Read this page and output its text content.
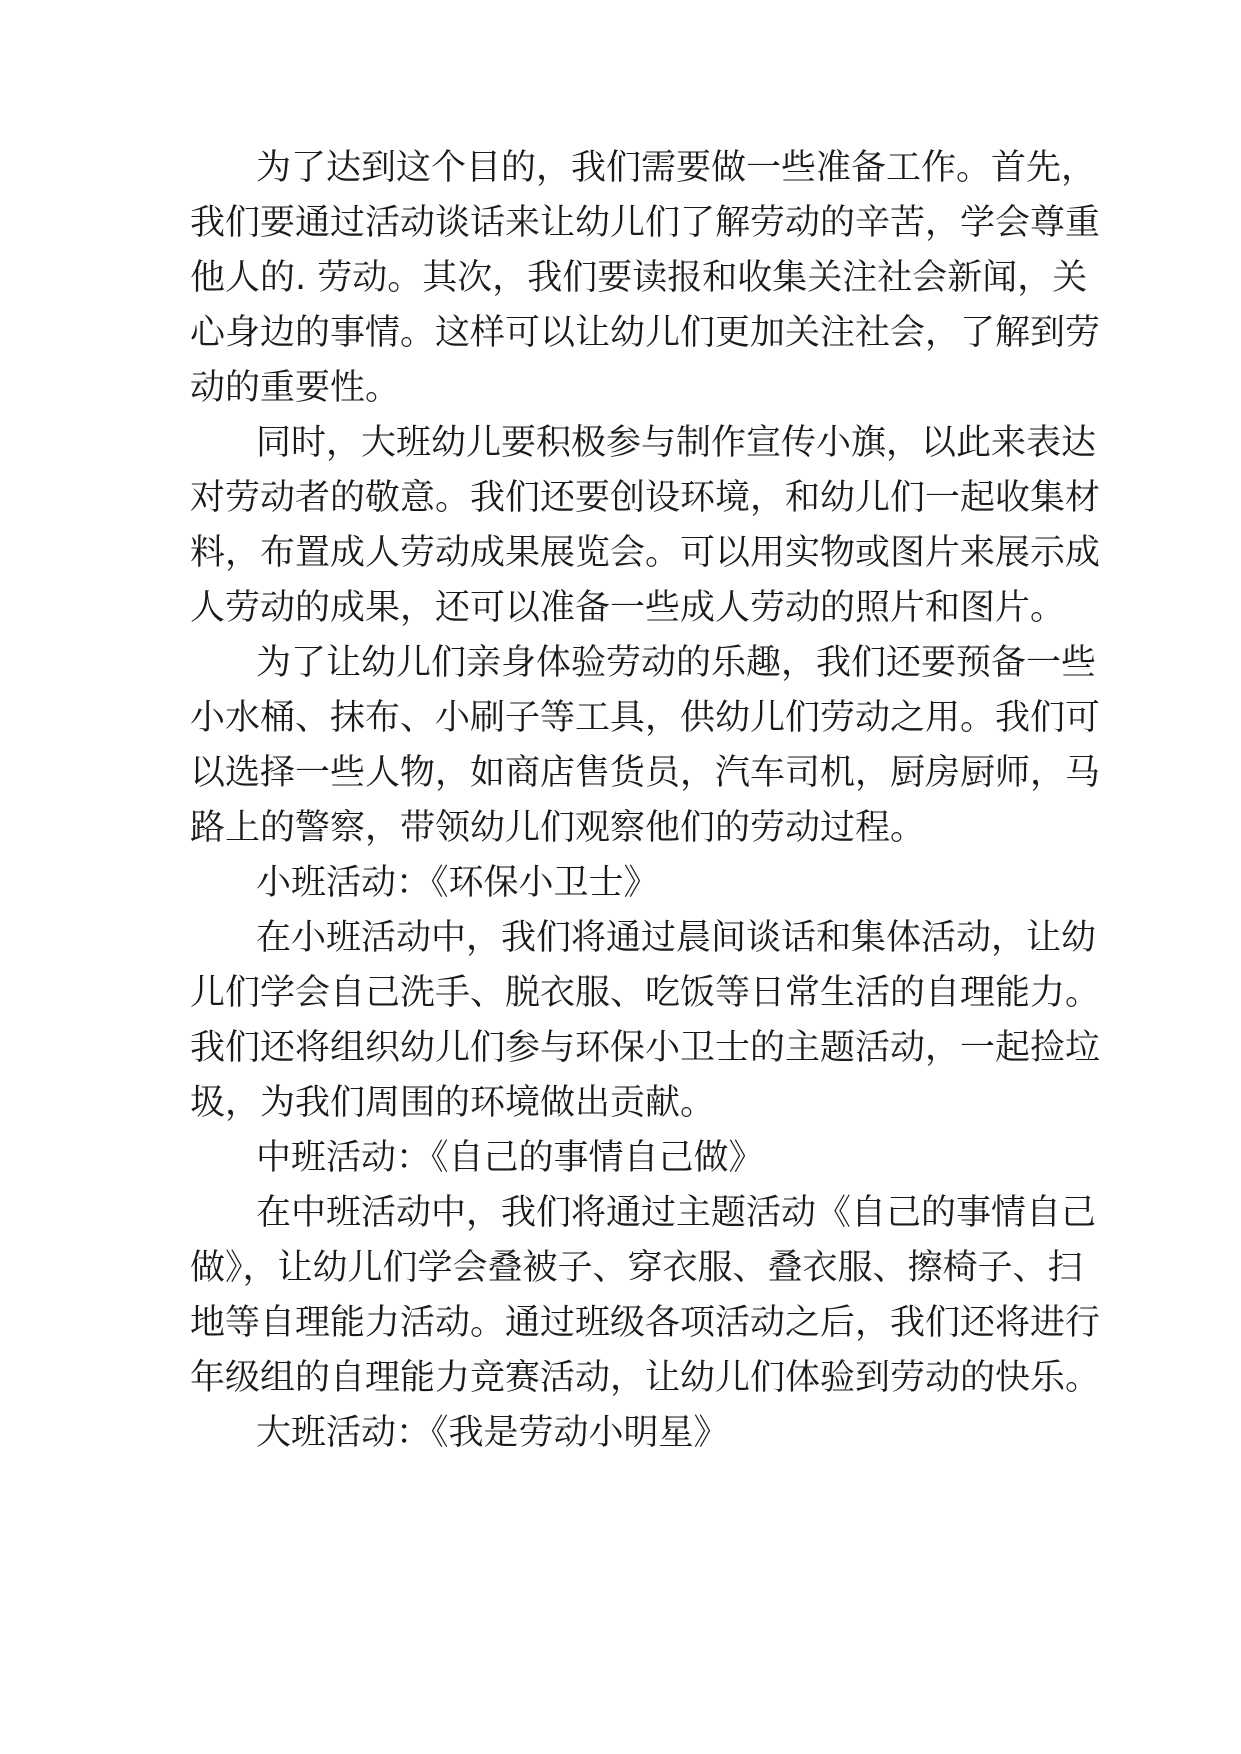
为了达到这个目的，我们需要做一些准备工作。首先，
我们要通过活动谈话来让幼儿们了解劳动的辛苦，学会尊重
他人的. 劳动。其次，我们要读报和收集关注社会新闻，关
心身边的事情。这样可以让幼儿们更加关注社会，了解到劳
动的重要性。
同时，大班幼儿要积极参与制作宣传小旗，以此来表达
对劳动者的敬意。我们还要创设环境，和幼儿们一起收集材
料，布置成人劳动成果展览会。可以用实物或图片来展示成
人劳动的成果，还可以准备一些成人劳动的照片和图片。
为了让幼儿们亲身体验劳动的乐趣，我们还要预备一些
小水桶、抹布、小刷子等工具，供幼儿们劳动之用。我们可
以选择一些人物，如商店售货员，汽车司机，厨房厨师，马
路上的警察，带领幼儿们观察他们的劳动过程。
小班活动：《环保小卫士》
在小班活动中，我们将通过晨间谈话和集体活动，让幼
儿们学会自己洗手、脱衣服、吃饭等日常生活的自理能力。
我们还将组织幼儿们参与环保小卫士的主题活动，一起捡垃
圾，为我们周围的环境做出贡献。
中班活动：《自己的事情自己做》
在中班活动中，我们将通过主题活动《自己的事情自己
做》，让幼儿们学会叠被子、穿衣服、叠衣服、擦椅子、扫
地等自理能力活动。通过班级各项活动之后，我们还将进行
年级组的自理能力竞赛活动，让幼儿们体验到劳动的快乐。
大班活动：《我是劳动小明星》
